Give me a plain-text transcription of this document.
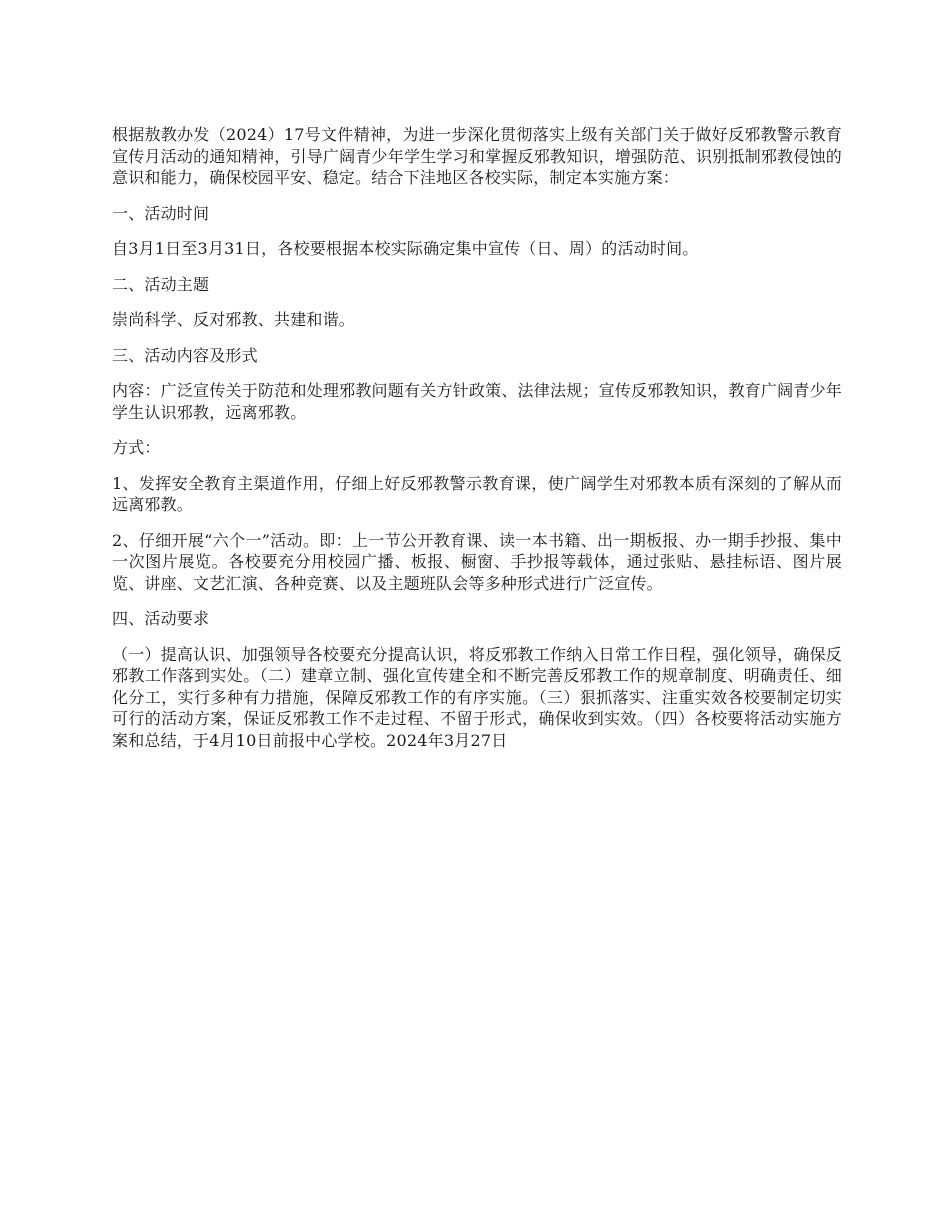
根据敖教办发（2024）17号文件精神，为进一步深化贯彻落实上级有关部门关于做好反邪教警示教育宣传月活动的通知精神，引导广阔青少年学生学习和掌握反邪教知识，增强防范、识别抵制邪教侵蚀的意识和能力，确保校园平安、稳定。结合下洼地区各校实际，制定本实施方案：

一、活动时间

自3月1日至3月31日，各校要根据本校实际确定集中宣传（日、周）的活动时间。

二、活动主题

崇尚科学、反对邪教、共建和谐。

三、活动内容及形式

内容：广泛宣传关于防范和处理邪教问题有关方针政策、法律法规；宣传反邪教知识，教育广阔青少年学生认识邪教，远离邪教。

方式：

1、发挥安全教育主渠道作用，仔细上好反邪教警示教育课，使广阔学生对邪教本质有深刻的了解从而远离邪教。

2、仔细开展“六个一”活动。即：上一节公开教育课、读一本书籍、出一期板报、办一期手抄报、集中一次图片展览。各校要充分用校园广播、板报、橱窗、手抄报等载体，通过张贴、悬挂标语、图片展览、讲座、文艺汇演、各种竞赛、以及主题班队会等多种形式进行广泛宣传。

四、活动要求

（一）提高认识、加强领导各校要充分提高认识，将反邪教工作纳入日常工作日程，强化领导，确保反邪教工作落到实处。（二）建章立制、强化宣传建全和不断完善反邪教工作的规章制度、明确责任、细化分工，实行多种有力措施，保障反邪教工作的有序实施。（三）狠抓落实、注重实效各校要制定切实可行的活动方案，保证反邪教工作不走过程、不留于形式，确保收到实效。（四）各校要将活动实施方案和总结，于4月10日前报中心学校。2024年3月27日
